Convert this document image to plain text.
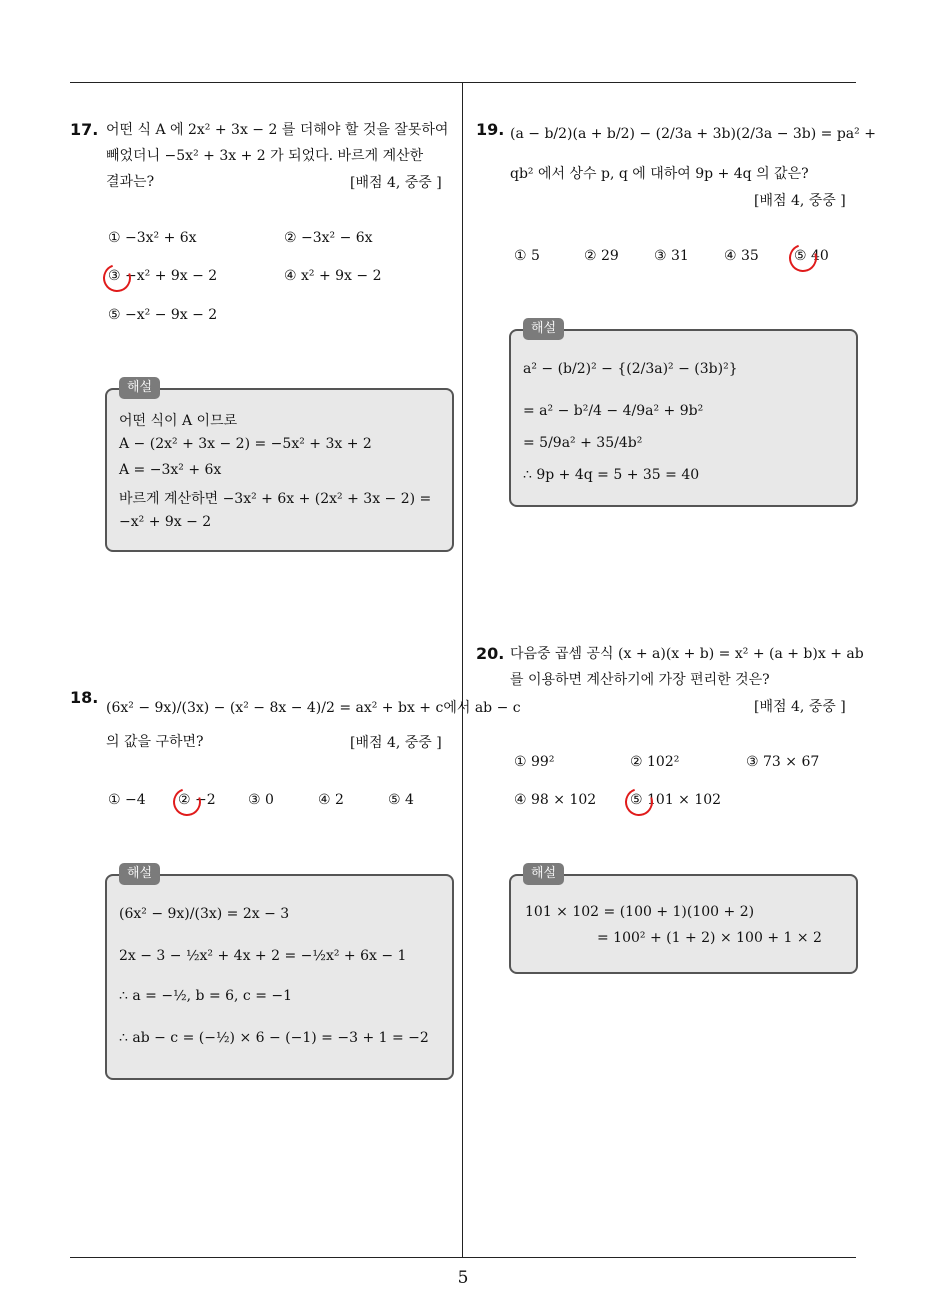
5
17. 어떤 식 A 에 2x² + 3x − 2 를 더해야 할 것을 잘못하여
빼었더니 −5x² + 3x + 2 가 되었다. 바르게 계산한
결과는?	[배점 4, 중중 ]
① −3x² + 6x	② −3x² − 6x
③ −x² + 9x − 2	④ x² + 9x − 2
⑤ −x² − 9x − 2
해설
어떤 식이 A 이므로
A − (2x² + 3x − 2) = −5x² + 3x + 2
A = −3x² + 6x
바르게 계산하면 −3x² + 6x + (2x² + 3x − 2) =
−x² + 9x − 2
18.
(6x² − 9x)/(3x) − (x² − 8x − 4)/2 = ax² + bx + c에서 ab − c
의 값을 구하면?	[배점 4, 중중 ]
① −4 ② −2 ③ 0	④ 2	⑤ 4
해설
(6x² − 9x)/(3x) = 2x − 3
2x − 3 − ½x² + 4x + 2 = −½x² + 6x − 1
∴ a = −½, b = 6, c = −1
∴ ab − c = (−½) × 6 − (−1) = −3 + 1 = −2
19. (a − b/2)(a + b/2) − (2/3a + 3b)(2/3a − 3b) = pa² +
qb² 에서 상수 p, q 에 대하여 9p + 4q 의 값은?
[배점 4, 중중 ]
① 5	② 29	③ 31	④ 35	⑤ 40
해설
a² − (b/2)² − {(2/3a)² − (3b)²}
= a² − b²/4 − 4/9a² + 9b²
= 5/9a² + 35/4b²
∴ 9p + 4q = 5 + 35 = 40
20. 다음중 곱셈 공식 (x + a)(x + b) = x² + (a + b)x + ab
를 이용하면 계산하기에 가장 편리한 것은?
[배점 4, 중중 ]
① 99²	② 102²	③ 73 × 67
④ 98 × 102 ⑤ 101 × 102
해설
101 × 102 = (100 + 1)(100 + 2)
= 100² + (1 + 2) × 100 + 1 × 2
